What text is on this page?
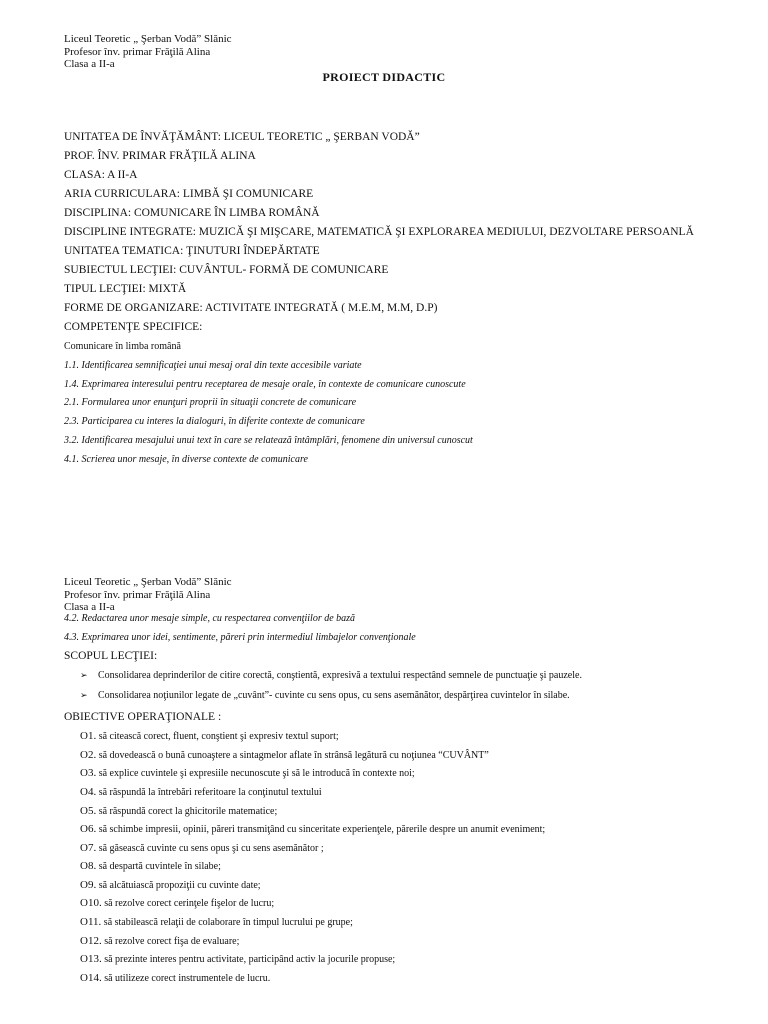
Liceul Teoretic „ Şerban Vodă” Slănic
Profesor înv. primar Frăţilă Alina
Clasa a II-a
PROIECT DIDACTIC
UNITATEA DE ÎNVĂŢĂMÂNT: LICEUL TEORETIC „ ŞERBAN VODĂ”
PROF. ÎNV. PRIMAR FRĂŢILĂ ALINA
CLASA: A II-A
ARIA CURRICULARA: LIMBĂ ŞI COMUNICARE
DISCIPLINA: COMUNICARE ÎN LIMBA ROMÂNĂ
DISCIPLINE INTEGRATE: MUZICĂ ŞI MIŞCARE, MATEMATICĂ ŞI EXPLORAREA MEDIULUI, DEZVOLTARE PERSOANLĂ
UNITATEA TEMATICA: ŢINUTURI ÎNDEPĂRTATE
SUBIECTUL LECŢIEI: CUVÂNTUL- FORMĂ DE COMUNICARE
TIPUL LECŢIEI: MIXTĂ
FORME DE ORGANIZARE: ACTIVITATE INTEGRATĂ ( M.E.M, M.M, D.P)
COMPETENŢE SPECIFICE:
Comunicare în limba română
1.1. Identificarea semnificaţiei unui mesaj oral din texte accesibile variate
1.4. Exprimarea interesului pentru receptarea de mesaje orale, în contexte de comunicare cunoscute
2.1. Formularea unor enunţuri proprii în situaţii concrete de comunicare
2.3. Participarea cu interes la dialoguri, în diferite contexte de comunicare
3.2. Identificarea mesajului unui text în care se relatează întâmplări, fenomene din universul cunoscut
4.1. Scrierea unor mesaje, în diverse contexte de comunicare
Liceul Teoretic „ Şerban Vodă” Slănic
Profesor înv. primar Frăţilă Alina
Clasa a II-a
4.2. Redactarea unor mesaje simple, cu respectarea convenţiilor de bază
4.3. Exprimarea unor idei, sentimente, păreri prin intermediul limbajelor convenţionale
SCOPUL LECŢIEI:
➢ Consolidarea deprinderilor de citire corectă, conştientă, expresivă a textului respectând semnele de punctuaţie şi pauzele.
➢ Consolidarea noţiunilor legate de „cuvânt”- cuvinte cu sens opus, cu sens asemănător, despărţirea cuvintelor în silabe.
OBIECTIVE OPERAŢIONALE :
O1. să citească corect, fluent, conştient şi expresiv textul suport;
O2. să dovedească o bună cunoaştere a sintagmelor aflate în strânsă legătură cu noţiunea “CUVÂNT”
O3. să explice cuvintele şi expresiile necunoscute şi să le introducă în contexte noi;
O4. să răspundă la întrebări referitoare la conţinutul textului
O5. să răspundă corect la ghicitorile matematice;
O6. să schimbe impresii, opinii, păreri transmiţând cu sinceritate experienţele, părerile despre un anumit eveniment;
O7. să găsească cuvinte cu sens opus şi cu sens asemănător ;
O8. să despartă cuvintele în silabe;
O9. să alcătuiască propoziţii cu cuvinte date;
O10. să rezolve corect cerinţele fişelor de lucru;
O11. să stabilească relaţii de colaborare în timpul lucrului pe grupe;
O12. să rezolve corect fişa de evaluare;
O13. să prezinte interes pentru activitate, participând activ la jocurile propuse;
O14. să utilizeze corect instrumentele de lucru.
